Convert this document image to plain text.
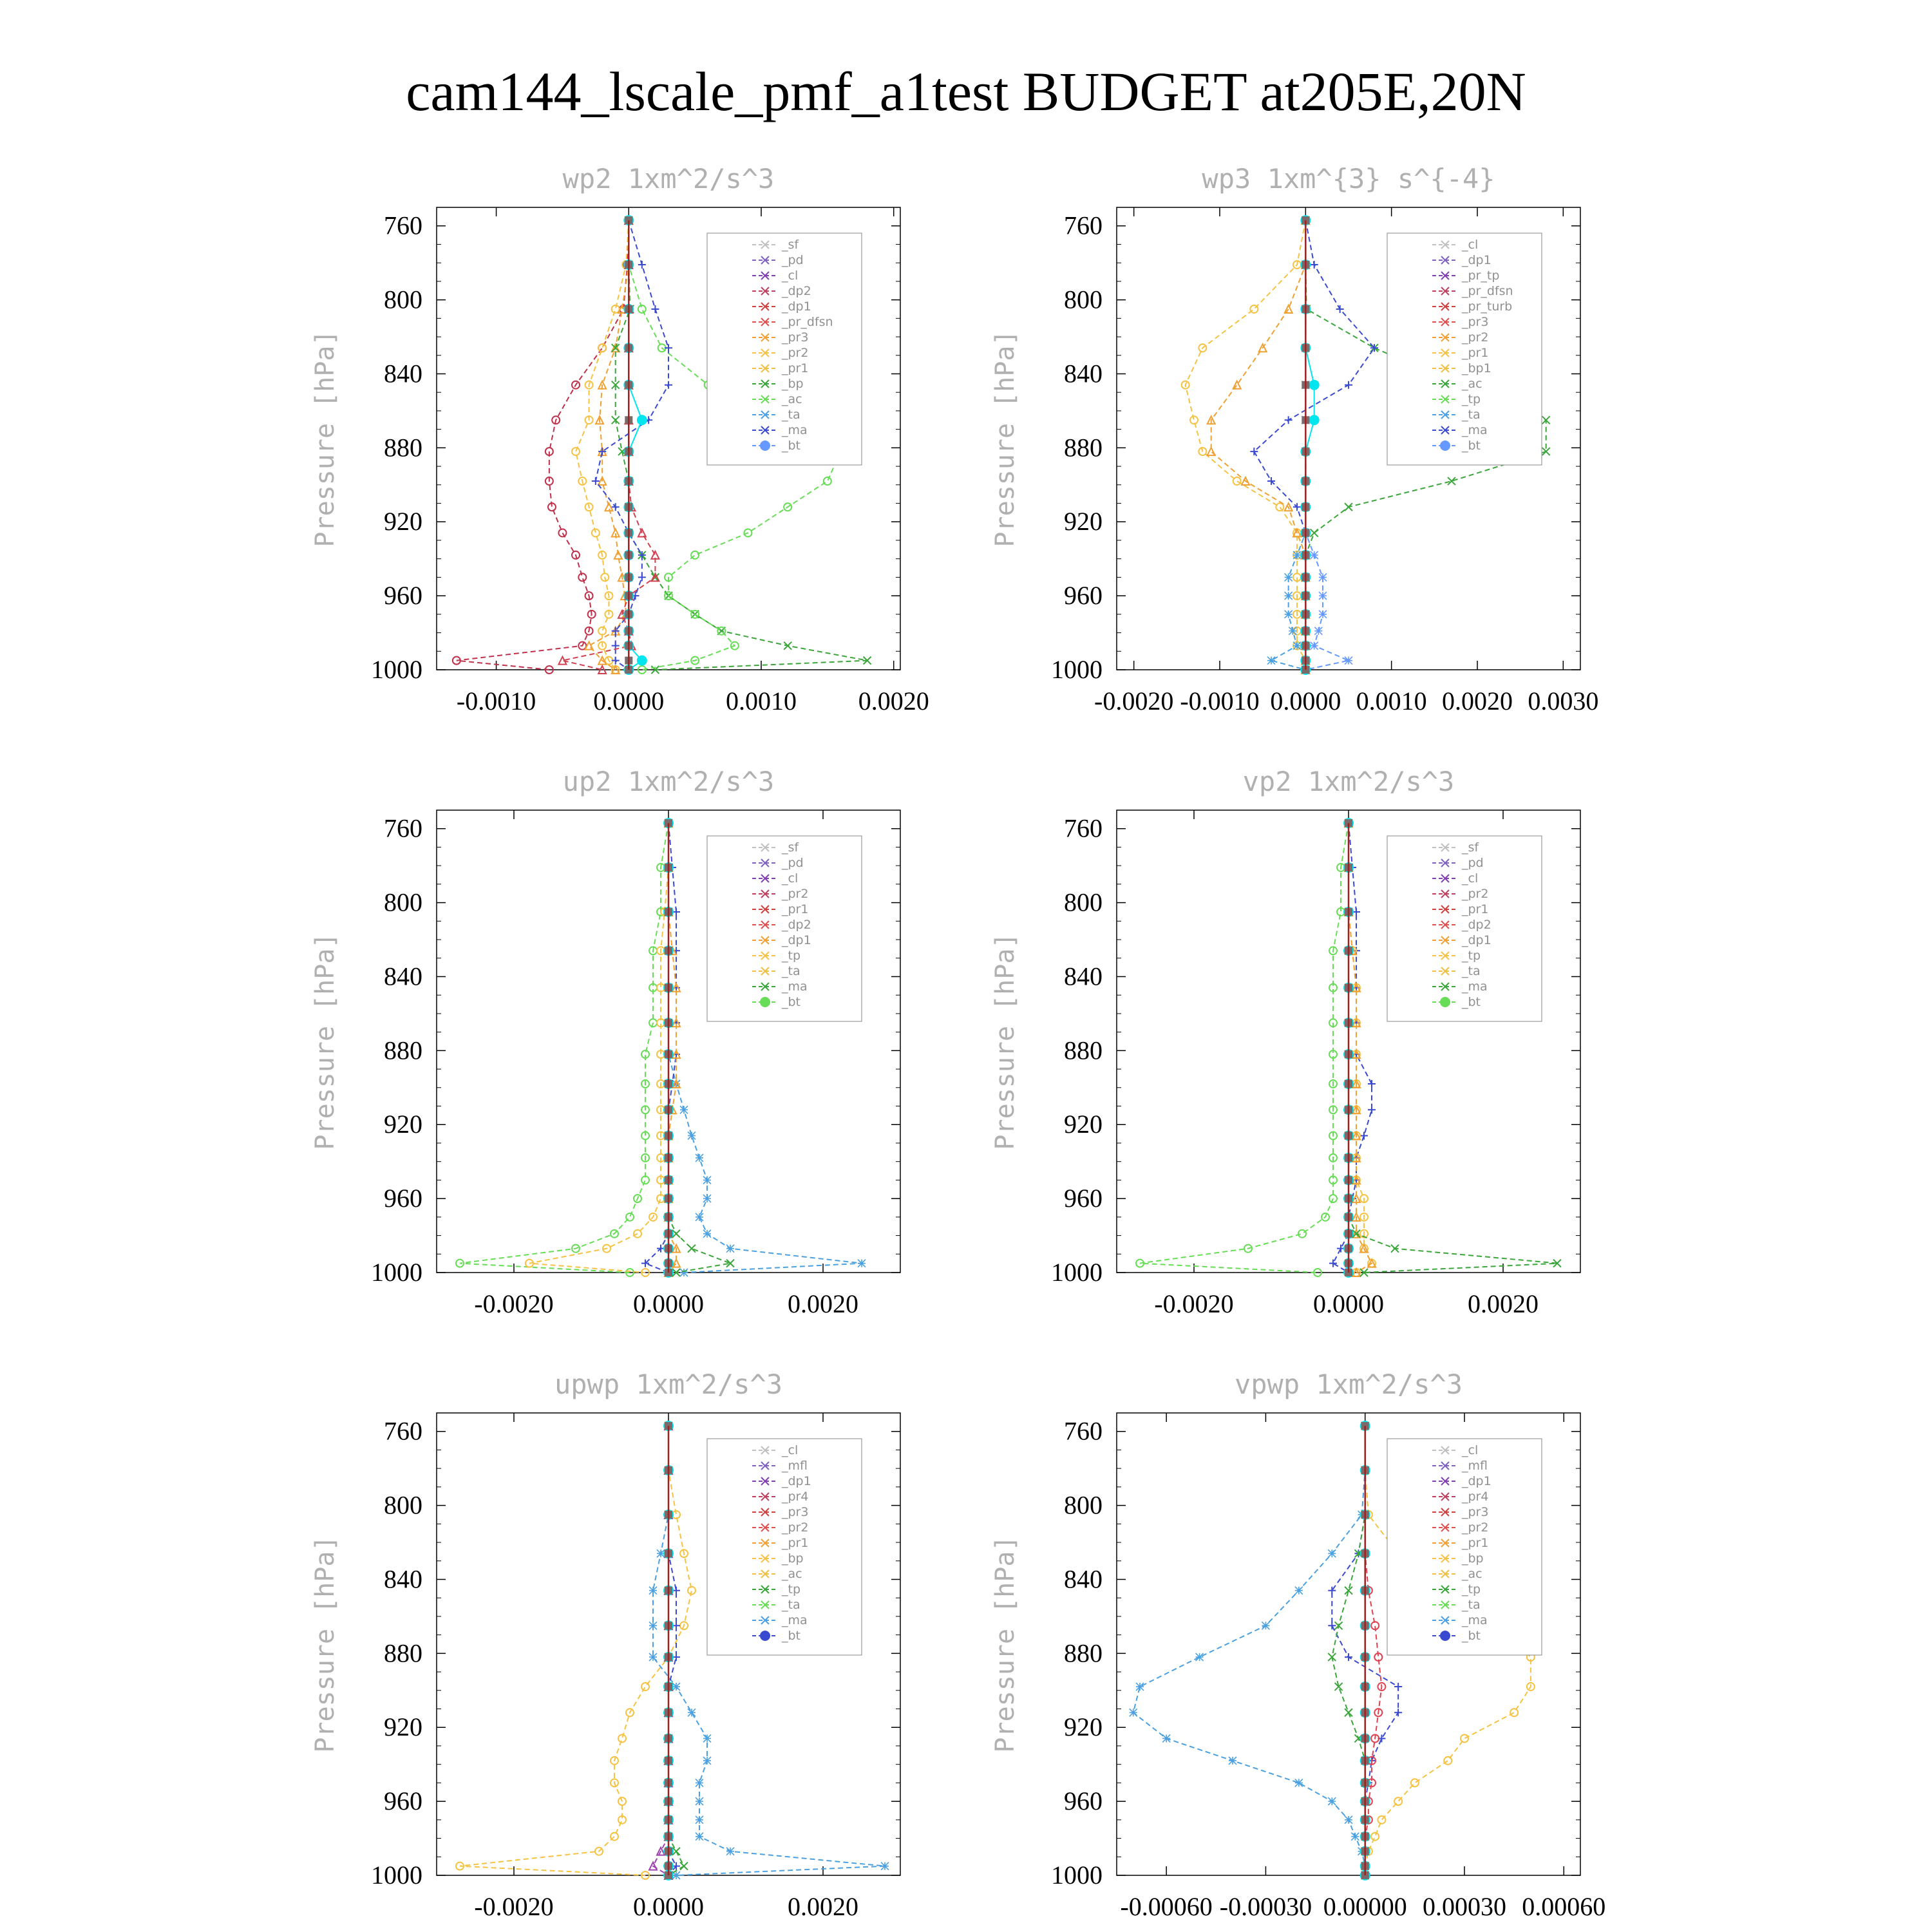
cam144_lscale_pmf_a1test BUDGET at205E,20N
wp2 1xm^2/s^3
Pressure [hPa]
760
800
840
880
920
960
1000
-0.0010 0.0000 0.0010 0.0020
_sf
_pd
_cl
_dp2
_dp1
_pr_dfsn
_pr3
_pr2
_pr1
_bp
_ac
_ta
_ma
_bt
wp3 1xm^{3} s^{-4}
Pressure [hPa]
760
800
840
880
920
960
1000
-0.0020 -0.0010 0.0000 0.0010 0.0020 0.0030
_cl
_dp1
_pr_tp
_pr_dfsn
_pr_turb
_pr3
_pr2
_pr1
_bp1
_ac
_tp
_ta
_ma
_bt
up2 1xm^2/s^3
Pressure [hPa]
760
800
840
880
920
960
1000
-0.0020	0.0000	0.0020
_sf
_pd
_cl
_pr2
_pr1
_dp2
_dp1
_tp
_ta
_ma
_bt
vp2 1xm^2/s^3
Pressure [hPa]
760
800
840
880
920
960
1000
-0.0020	0.0000	0.0020
_sf
_pd
_cl
_pr2
_pr1
_dp2
_dp1
_tp
_ta
_ma
_bt
upwp 1xm^2/s^3
Pressure [hPa]
760
800
840
880
920
960
1000
-0.0020	0.0000	0.0020
_cl
_mfl
_dp1
_pr4
_pr3
_pr2
_pr1
_bp
_ac
_tp
_ta
_ma
_bt
vpwp 1xm^2/s^3
Pressure [hPa]
760
800
840
880
920
960
1000
-0.00060 -0.00030 0.00000 0.00030 0.00060
_cl
_mfl
_dp1
_pr4
_pr3
_pr2
_pr1
_bp
_ac
_tp
_ta
_ma
_bt
